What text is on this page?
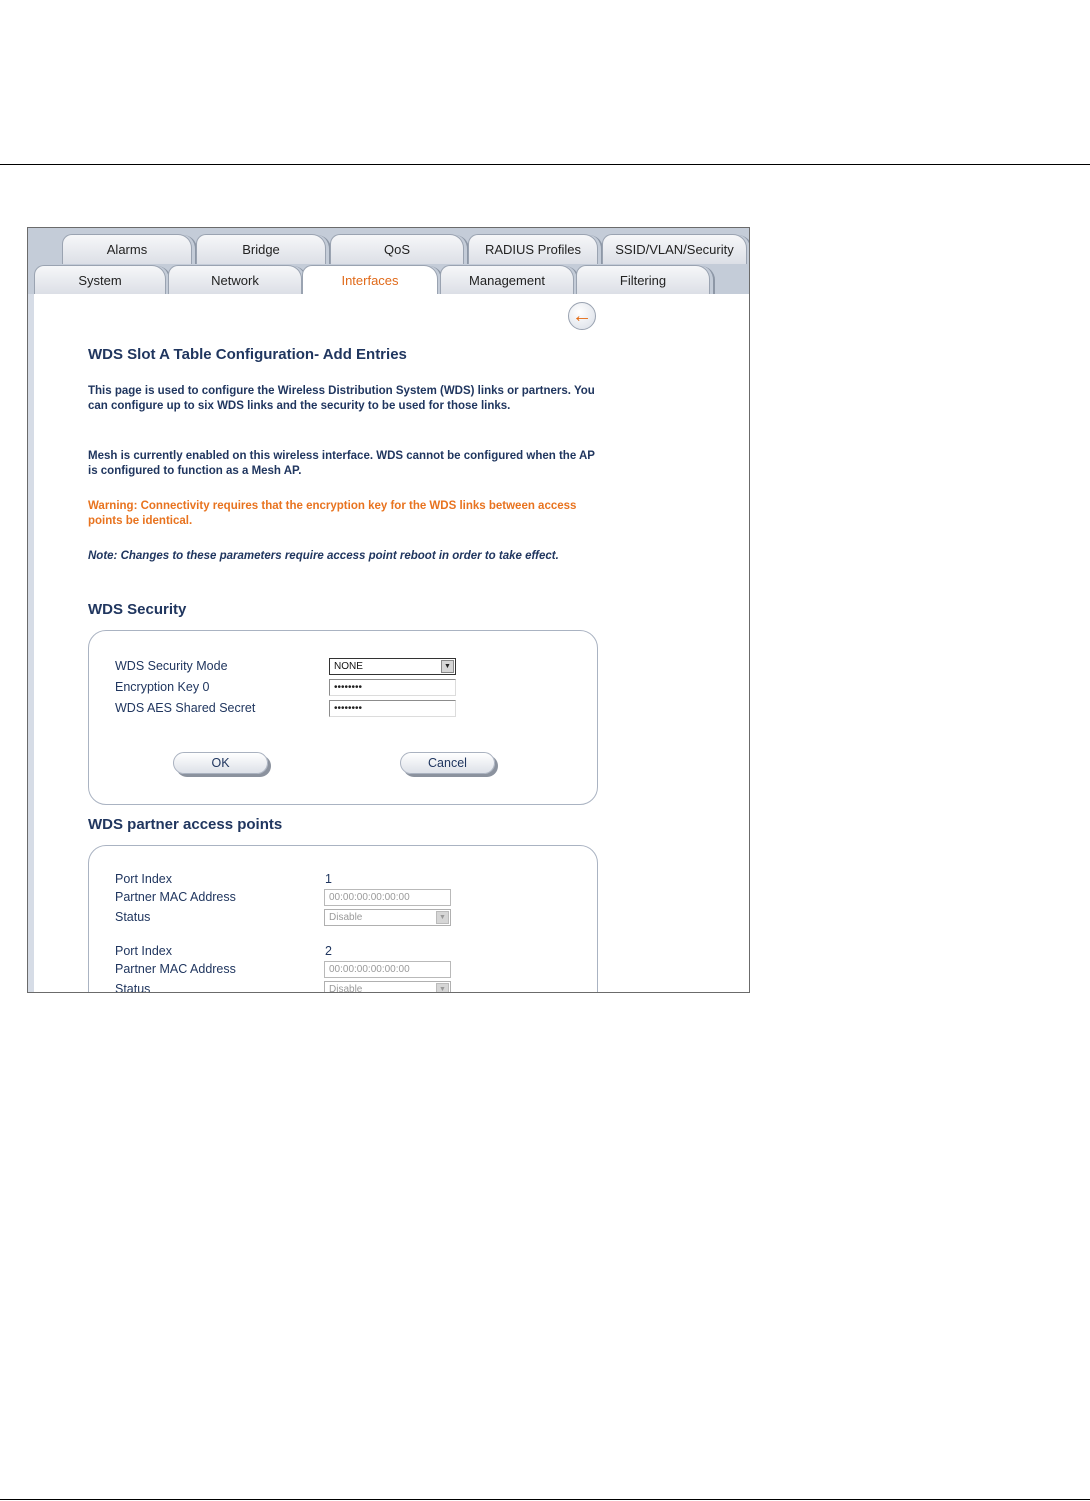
Alarms	Bridge	QoS	RADIUS Profiles	SSID/VLAN/Security
System	Network	Interfaces	Management	Filtering
←
WDS Slot A Table Configuration- Add Entries
This page is used to configure the Wireless Distribution System (WDS) links or partners. You can configure up to six WDS links and the security to be used for those links.
Mesh is currently enabled on this wireless interface. WDS cannot be configured when the AP is configured to function as a Mesh AP.
Warning: Connectivity requires that the encryption key for the WDS links between access points be identical.
Note: Changes to these parameters require access point reboot in order to take effect.
WDS Security
WDS Security Mode	NONE	▼
Encryption Key 0	••••••••
WDS AES Shared Secret	••••••••
OK	Cancel
WDS partner access points
Port Index	1
Partner MAC Address	00:00:00:00:00:00
Status	Disable	▼
Port Index	2
Partner MAC Address	00:00:00:00:00:00
Status	Disable	▼
